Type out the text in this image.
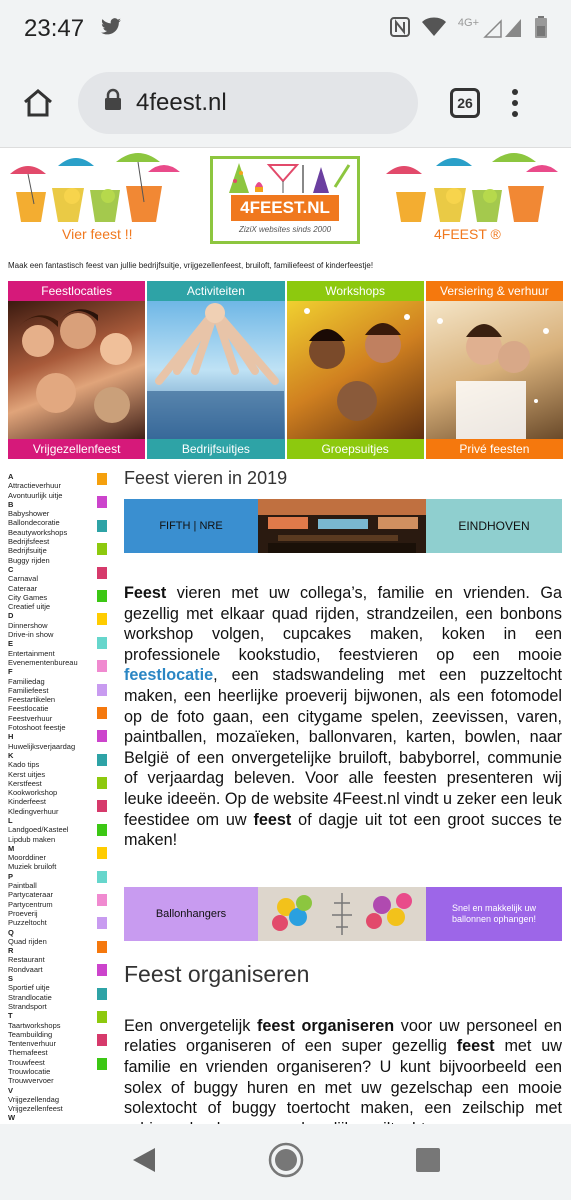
23:47	4G+
4feest.nl	26
Vier feest !!
4FEEST.NL
ZiziX websites sinds 2000	4FEEST ®
Maak een fantastisch feest van jullie bedrijfsuitje, vrijgezellenfeest, bruiloft, familiefeest of kinderfeestje!
Feestlocaties
Vrijgezellenfeest
Activiteiten
Bedrijfsuitjes
Workshops
Groepsuitjes
Versiering & verhuur
Privé feesten
A
Attractieverhuur
Avontuurlijk uitje
B
Babyshower
Ballondecoratie
Beautyworkshops
Bedrijfsfeest
Bedrijfsuitje
Buggy rijden
C
Carnaval
Cateraar
City Games
Creatief uitje
D
Dinnershow
Drive-in show
E
Entertainment
Evenementenbureau
F
Familiedag
Familiefeest
Feestartikelen
Feestlocatie
Feestverhuur
Fotoshoot feestje
H
Huwelijksverjaardag
K
Kado tips
Kerst uitjes
Kerstfeest
Kookworkshop
Kinderfeest
Kledingverhuur
L
Landgoed/Kasteel
Lipdub maken
M
Moorddiner
Muziek bruiloft
P
Paintball
Partycateraar
Partycentrum
Proeverij
Puzzeltocht
Q
Quad rijden
R
Restaurant
Rondvaart
S
Sportief uitje
Strandlocatie
Strandsport
T
Taartworkshops
Teambuilding
Tentenverhuur
Themafeest
Trouwfeest
Trouwlocatie
Trouwvervoer
V
Vrijgezellendag
Vrijgezellenfeest
W
Feest vieren in 2019
FIFTH | NRE	EINDHOVEN

Feest vieren met uw collega’s, familie en vrienden. Ga gezellig met elkaar quad rijden, strandzeilen, een bonbons workshop volgen, cupcakes maken, koken in een professionele kookstudio, feestvieren op een mooie feestlocatie, een stadswandeling met een puzzeltocht maken, een heerlijke proeverij bijwonen, als een fotomodel op de foto gaan, een citygame spelen, zeevissen, varen, paintballen, mozaïeken, ballonvaren, karten, bowlen, naar België of een onvergetelijke bruiloft, babyborrel, communie of verjaardag beleven. Voor alle feesten presenteren wij leuke ideeën. Op de website 4Feest.nl vindt u zeker een leuk feestidee om uw feest of dagje uit tot een groot succes te maken!

Ballonhangers	Snel en makkelijk uw ballonnen ophangen!
Feest organiseren

Een onvergetelijk feest organiseren voor uw personeel en relaties organiseren of een super gezellig feest met uw familie en vrienden organiseren? U kunt bijvoorbeeld een solex of buggy huren en met uw gezelschap een mooie solextocht of buggy toertocht maken, een zeilschip met
